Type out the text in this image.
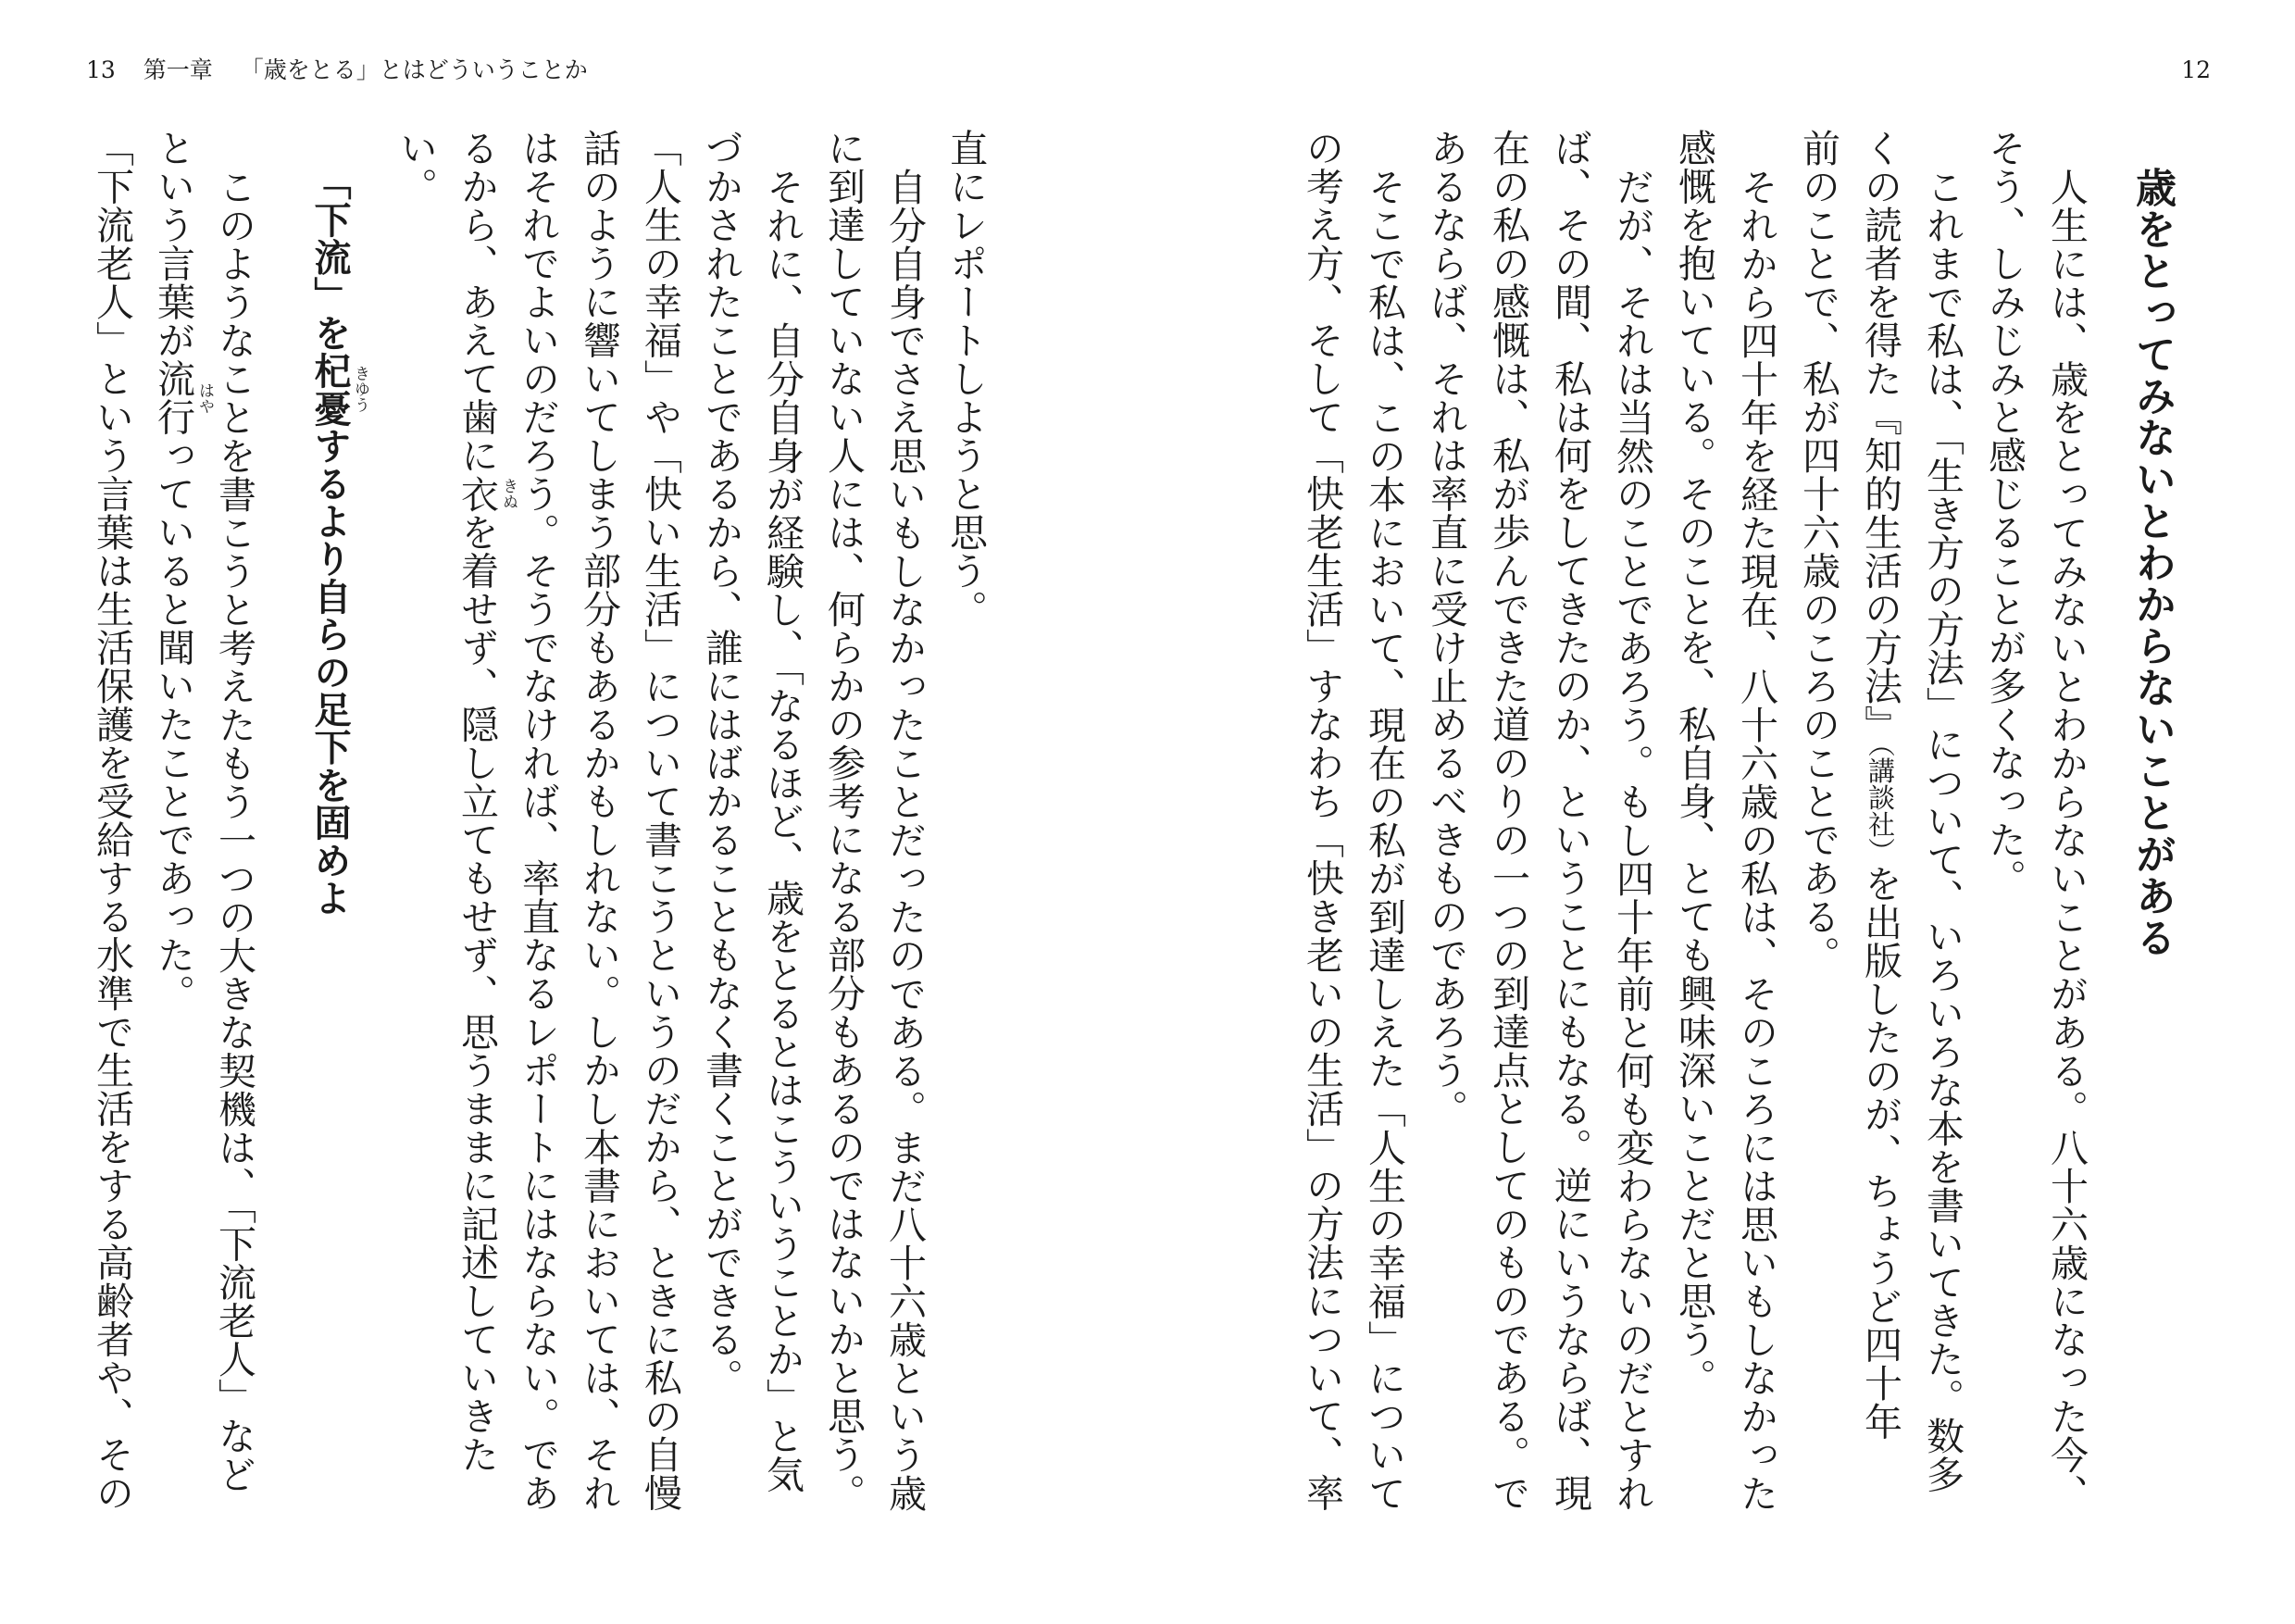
13 第一章 「歳をとる」とはどういうことか	12
歳をとってみないとわからないことがある
人生には、歳をとってみないとわからないことがある。八十六歳になった今、
そう、しみじみと感じることが多くなった。
これまで私は、「生き方の方法」について、いろいろな本を書いてきた。数多
くの読者を得た『知的生活の方法』（講談社）を出版したのが、ちょうど四十年
前のことで、私が四十六歳のころのことである。
それから四十年を経た現在、八十六歳の私は、そのころには思いもしなかった
感慨を抱いている。そのことを、私自身、とても興味深いことだと思う。
だが、それは当然のことであろう。もし四十年前と何も変わらないのだとすれ
ば、その間、私は何をしてきたのか、ということにもなる。逆にいうならば、現
在の私の感慨は、私が歩んできた道のりの一つの到達点としてのものである。で
あるならば、それは率直に受け止めるべきものであろう。
そこで私は、この本において、現在の私が到達しえた「人生の幸福」について
の考え方、そして「快老生活」すなわち「快き老いの生活」の方法について、率
直にレポートしようと思う。
自分自身でさえ思いもしなかったことだったのである。まだ八十六歳という歳
に到達していない人には、何らかの参考になる部分もあるのではないかと思う。
それに、自分自身が経験し、「なるほど、歳をとるとはこういうことか」と気
づかされたことであるから、誰にはばかることもなく書くことができる。
「人生の幸福」や「快い生活」について書こうというのだから、ときに私の自慢
話のように響いてしまう部分もあるかもしれない。しかし本書においては、それ
はそれでよいのだろう。そうでなければ、率直なるレポートにはならない。であ
るから、あえて歯に衣 きぬ
を着せず、隠し立てもせず、思うままに記述していきた
い。
「下流」を杞憂 きゆう
するより自らの足下を固めよ
このようなことを書こうと考えたもう一つの大きな契機は、「下流老人」など
という言葉が流行 はや
っていると聞いたことであった。
「下流老人」という言葉は生活保護を受給する水準で生活をする高齢者や、その
